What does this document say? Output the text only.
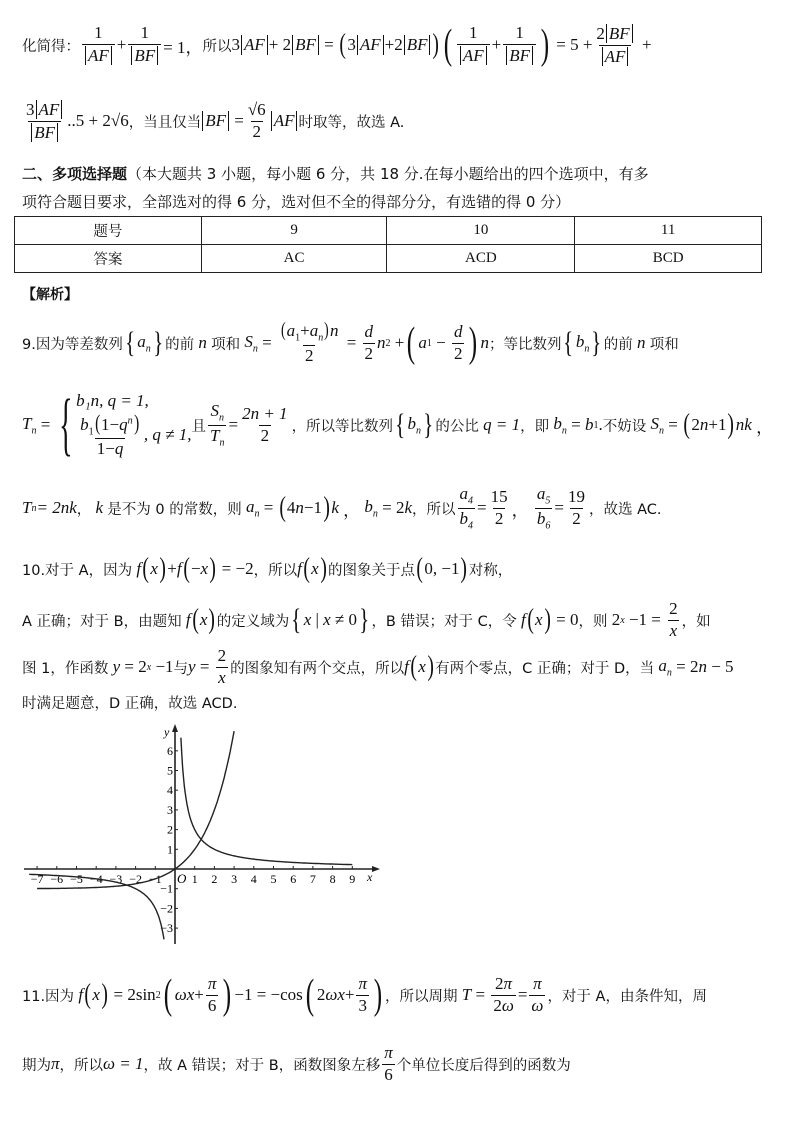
化简得： $\frac{1}{AF} + \frac{1}{BF} = 1$， 所以 3 AF +
2 BF
=
( 3 AF + 2 BF ) ( $\frac{1}{AF} + \frac{1}{BF}$ )
=
5
+ $\frac{2 BF}{AF}$
+
$\frac{3 AF}{BF} ..5 + 2$ √6 ， 当且仅当 BF
= $\frac{√6}{2}$ AF 时取等，故选 A.
二、多项选择题（本大题共 3 小题，每小题 6 分，共 18 分.在每小题给出的四个选项中，有多
项符合题目要求，全部选对的得 6 分，选对但不全的得部分分，有选错的得 0 分）
题号	9	10	11
答案	AC	ACD	BCD
【解析】
9.因为等差数列 { $a_n$ } 的前
n
项和 $S_n = \frac{(a_1+a_n)n}{2} = \frac{d}{2}$ n 2 + ( a $1 - \frac{d}{2}$ ) n ；等比数列 { $b_n$ } 的前
n
项和
$T_n$ = { b₁n, q = 1,
$\frac{b_1(1-q^n)}{1-q}$ , q ≠ 1, 且 $\frac{S_n}{T_n} = \frac{2n + 1}{2}$ ，所以等比数列 { $b_n$ } 的公比
q = 1 ，即
$b_n = b$ 1 . 不妨设
$S_n$ = ( 2 n +1 ) nk ，
T n = 2nk ，
k
是不为 0 的常数，则 $a_n$ = ( 4 n −1 ) k ， $b_n = 2$ k ，所以 $\frac{a_4}{b_4} = \frac{15}{2}$ ， $\frac{a_5}{b_6} = \frac{19}{2}$ ，故选 AC.
10.对于 A，因为 f ( x ) + f ( − x ) = −2 ，所以 f ( x ) 的图象关于点 ( 0, −1 ) 对称，
A 正确；对于 B，由题知 f ( x ) 的定义域为 { x | x ≠ 0 } ，B 错误；对于 C，令 f ( x ) = 0 ，则 2 $x -1 = \frac{2}{x}$ ，如
图 1，作函数 y = 2 x −1 与 $y = \frac{2}{x}$ 的图象知有两个交点，所以 f ( x ) 有两个零点，C 正确；对于 D，当 $a_n = 2$ n − 5
时满足题意，D 正确，故选 ACD.
−7 −6 −5 −4 −3 −2 −1	1 2 3 4 5 6 7 8 9
6
5
4
3
2
1
−1
−2
−3
x
y
O
11.因为 f ( x ) = 2sin 2 ( $\omega x + \frac{\pi}{6}$ ) −1 = −cos ( 2 $\omega x + \frac{\pi}{3}$ ) ，所以周期 $T = \frac{2\pi}{2\omega} = \frac{\pi}{\omega}$ ，对于 A，由条件知，周
期为 π ，所以 ω = 1 ，故 A 错误；对于 B，函数图象左移 $\frac{\pi}{6}$ 个单位长度后得到的函数为
